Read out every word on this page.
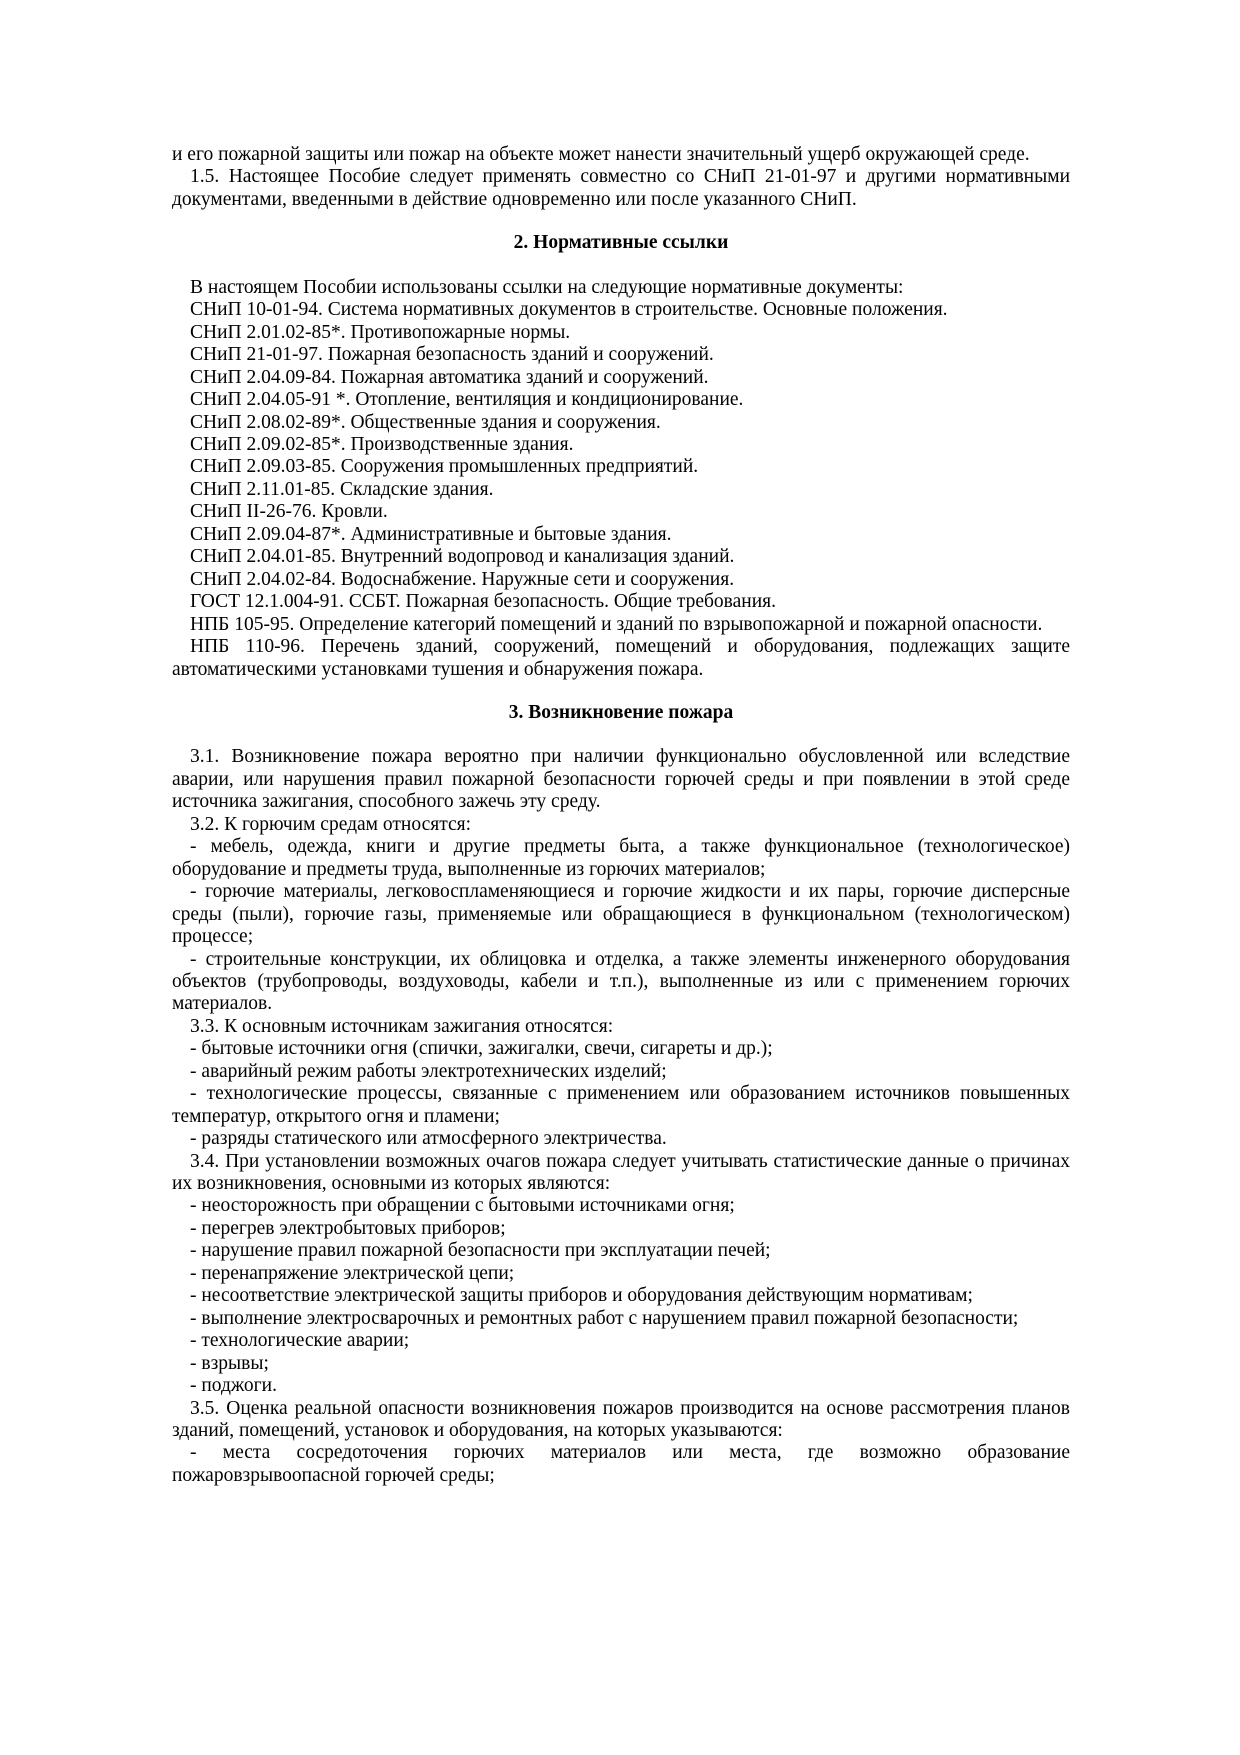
и его пожарной защиты или пожар на объекте может нанести значительный ущерб окружающей среде.

1.5. Настоящее Пособие следует применять совместно со СНиП 21-01-97 и другими нормативными документами, введенными в действие одновременно или после указанного СНиП.

2. Нормативные ссылки

В настоящем Пособии использованы ссылки на следующие нормативные документы:

СНиП 10-01-94. Система нормативных документов в строительстве. Основные положения.

СНиП 2.01.02-85*. Противопожарные нормы.

СНиП 21-01-97. Пожарная безопасность зданий и сооружений.

СНиП 2.04.09-84. Пожарная автоматика зданий и сооружений.

СНиП 2.04.05-91 *. Отопление, вентиляция и кондиционирование.

СНиП 2.08.02-89*. Общественные здания и сооружения.

СНиП 2.09.02-85*. Производственные здания.

СНиП 2.09.03-85. Сооружения промышленных предприятий.

СНиП 2.11.01-85. Складские здания.

СНиП II-26-76. Кровли.

СНиП 2.09.04-87*. Административные и бытовые здания.

СНиП 2.04.01-85. Внутренний водопровод и канализация зданий.

СНиП 2.04.02-84. Водоснабжение. Наружные сети и сооружения.

ГОСТ 12.1.004-91. ССБТ. Пожарная безопасность. Общие требования.

НПБ 105-95. Определение категорий помещений и зданий по взрывопожарной и пожарной опасности.

НПБ 110-96. Перечень зданий, сооружений, помещений и оборудования, подлежащих защите автоматическими установками тушения и обнаружения пожара.

3. Возникновение пожара

3.1. Возникновение пожара вероятно при наличии функционально обусловленной или вследствие аварии, или нарушения правил пожарной безопасности горючей среды и при появлении в этой среде источника зажигания, способного зажечь эту среду.

3.2. К горючим средам относятся:

- мебель, одежда, книги и другие предметы быта, а также функциональное (технологическое) оборудование и предметы труда, выполненные из горючих материалов;

- горючие материалы, легковоспламеняющиеся и горючие жидкости и их пары, горючие дисперсные среды (пыли), горючие газы, применяемые или обращающиеся в функциональном (технологическом) процессе;

- строительные конструкции, их облицовка и отделка, а также элементы инженерного оборудования объектов (трубопроводы, воздуховоды, кабели и т.п.), выполненные из или с применением горючих материалов.

3.3. К основным источникам зажигания относятся:

- бытовые источники огня (спички, зажигалки, свечи, сигареты и др.);

- аварийный режим работы электротехнических изделий;

- технологические процессы, связанные с применением или образованием источников повышенных температур, открытого огня и пламени;

- разряды статического или атмосферного электричества.

3.4. При установлении возможных очагов пожара следует учитывать статистические данные о причинах их возникновения, основными из которых являются:

- неосторожность при обращении с бытовыми источниками огня;

- перегрев электробытовых приборов;

- нарушение правил пожарной безопасности при эксплуатации печей;

- перенапряжение электрической цепи;

- несоответствие электрической защиты приборов и оборудования действующим нормативам;

- выполнение электросварочных и ремонтных работ с нарушением правил пожарной безопасности;

- технологические аварии;

- взрывы;

- поджоги.

3.5. Оценка реальной опасности возникновения пожаров производится на основе рассмотрения планов зданий, помещений, установок и оборудования, на которых указываются:

- места сосредоточения горючих материалов или места, где возможно образование пожаровзрывоопасной горючей среды;
